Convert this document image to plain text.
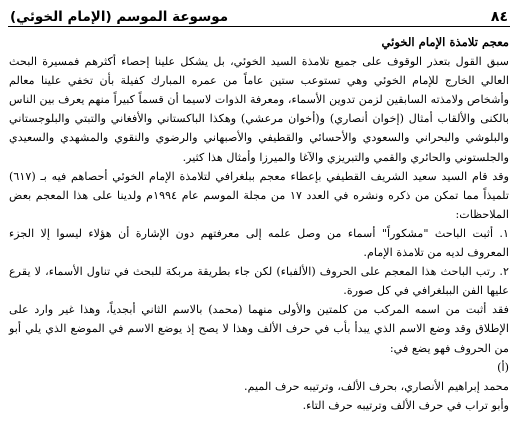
٨٤
موسوعة الموسم (الإمام الخوئي)

معجم تلامذة الإمام الخوئي

سبق القول بتعذر الوقوف على جميع تلامذة السيد الخوئي، بل يشكل علينا إحصاء أكثرهم فمسيرة البحث العالي الخارج للإمام الخوئي وهي تستوعب ستين عاماً من عمره المبارك كفيلة بأن تخفي علينا معالم وأشخاص ولامذته السابقين لزمن تدوين الأسماء، ومعرفة الذوات لاسيما أن قسماً كبيراً منهم يعرف بين الناس بالكنى والألقاب أمثال (إخوان أنصاري) و(أخوان مرعشي) وهكذا الباكستاني والأفغاني والتبتي والبلوجستاني والبلوشي والبحراني والسعودي والأحسائي والقطيفي والأصبهاني والرضوي والنقوي والمشهدي والسعيدي والجلستوني والحائري والقمي والتبريزي والآغا والميرزا وأمثال هذا كثير.

وقد قام السيد سعيد الشريف القطيفي بإعطاء معجم ببلغرافي لتلامذة الإمام الخوئي أحصاهم فيه بـ (٦١٧) تلميذاً مما تمكن من ذكره ونشره في العدد ١٧ من مجلة الموسم عام ١٩٩٤م ولدينا على هذا المعجم بعض الملاحظات:

١. أثبت الباحث "مشكوراً" أسماء من وصل علمه إلى معرفتهم دون الإشارة أن هؤلاء ليسوا إلا الجزء المعروف لديه من تلامذة الإمام.

٢. رتب الباحث هذا المعجم على الحروف (الألفباء) لكن جاء بطريقة مربكة للبحث في تناول الأسماء، لا يقرع عليها الفن الببلغرافي في كل صورة.

فقد أثبت من اسمه المركب من كلمتين والأولى منهما (محمد) بالاسم الثاني أبجدياً، وهذا غير وارد على الإطلاق وقد وضع الاسم الذي يبدأ بأب في حرف الألف وهذا لا يصح إذ يوضع الاسم في الموضع الذي يلي أبو من الحروف فهو يضع في:

(أ)

محمد إبراهيم الأنصاري، بحرف الألف، وترتيبه حرف الميم.

وأبو تراب في حرف الألف وترتيبه حرف التاء.
